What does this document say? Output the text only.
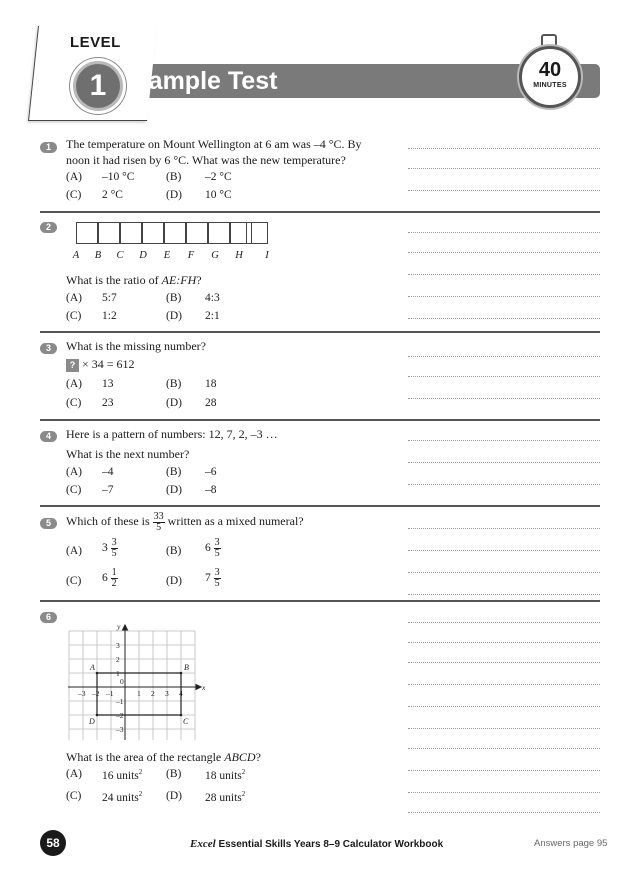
LEVEL
1	Sample Test	40
MINUTES
1	The temperature on Mount Wellington at 6 am was –4 °C. By
noon it had risen by 6 °C. What was the new temperature?
(A) –10 °C	(B) –2 °C
(C) 2 °C	(D) 10 °C
2
A	B	C	D	E	F	G	H	I
What is the ratio of AE:FH?
(A) 5:7	(B) 4:3
(C) 1:2	(D) 2:1
3	What is the missing number?
? × 34 = 612
(A) 13	(B) 18
(C) 23	(D) 28
4	Here is a pattern of numbers: 12, 7, 2, –3 …
What is the next number?
(A) –4	(B) –6
(C) –7	(D) –8
5	Which of these is $\frac{33}{5}$ written as a mixed numeral?
(A) $3 \frac{3}{5}$	(B) $6 \frac{3}{5}$
(C) $6 \frac{1}{2}$	(D) $7 \frac{3}{5}$
6
–3 –2 –1
0
1 2 3 4
3
2
1
–1
–2
–3
x
y
A	B
C
D
What is the area of the rectangle ABCD?
(A) 16 units$^2$ (B) 18 units$^2$
(C) 24 units$^2$ (D) 28 units$^2$
58	Excel Essential Skills Years 8–9 Calculator Workbook	Answers page 95
